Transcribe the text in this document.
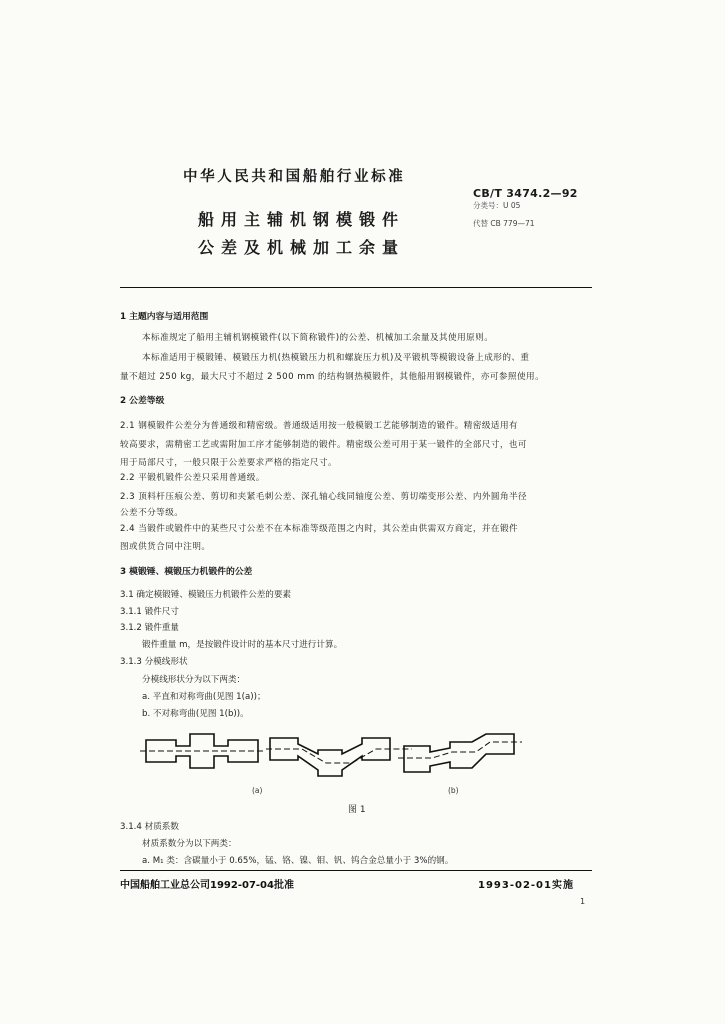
中华人民共和国船舶行业标准
船用主辅机钢模锻件
公差及机械加工余量
CB/T 3474.2—92
分类号：U 05
代替 CB 779—71
1 主题内容与适用范围
本标准规定了船用主辅机钢模锻件(以下简称锻件)的公差、机械加工余量及其使用原则。
本标准适用于模锻锤、模锻压力机(热模锻压力机和螺旋压力机)及平锻机等模锻设备上成形的、重
量不超过 250 kg，最大尺寸不超过 2 500 mm 的结构钢热模锻件，其他船用钢模锻件，亦可参照使用。
2 公差等级
2.1 钢模锻件公差分为普通级和精密级。普通级适用按一般模锻工艺能够制造的锻件。精密级适用有
较高要求，需精密工艺或需附加工序才能够制造的锻件。精密级公差可用于某一锻件的全部尺寸，也可
用于局部尺寸，一般只限于公差要求严格的指定尺寸。
2.2 平锻机锻件公差只采用普通级。
2.3 顶料杆压痕公差、剪切和夹紧毛刺公差、深孔轴心线同轴度公差、剪切端变形公差、内外圆角半径
公差不分等级。
2.4 当锻件或锻件中的某些尺寸公差不在本标准等级范围之内时，其公差由供需双方商定，并在锻件
图或供货合同中注明。
3 模锻锤、模锻压力机锻件的公差
3.1 确定模锻锤、模锻压力机锻件公差的要素
3.1.1 锻件尺寸
3.1.2 锻件重量
锻件重量 m，是按锻件设计时的基本尺寸进行计算。
3.1.3 分模线形状
分模线形状分为以下两类：
a. 平直和对称弯曲(见图 1(a))；
b. 不对称弯曲(见图 1(b))。
(a)	(b)
图 1
3.1.4 材质系数
材质系数分为以下两类：
a. M₁ 类：含碳量小于 0.65%，锰、铬、镍、钼、钒、钨合金总量小于 3%的钢。
中国船舶工业总公司1992-07-04批准	1993-02-01实施
1
